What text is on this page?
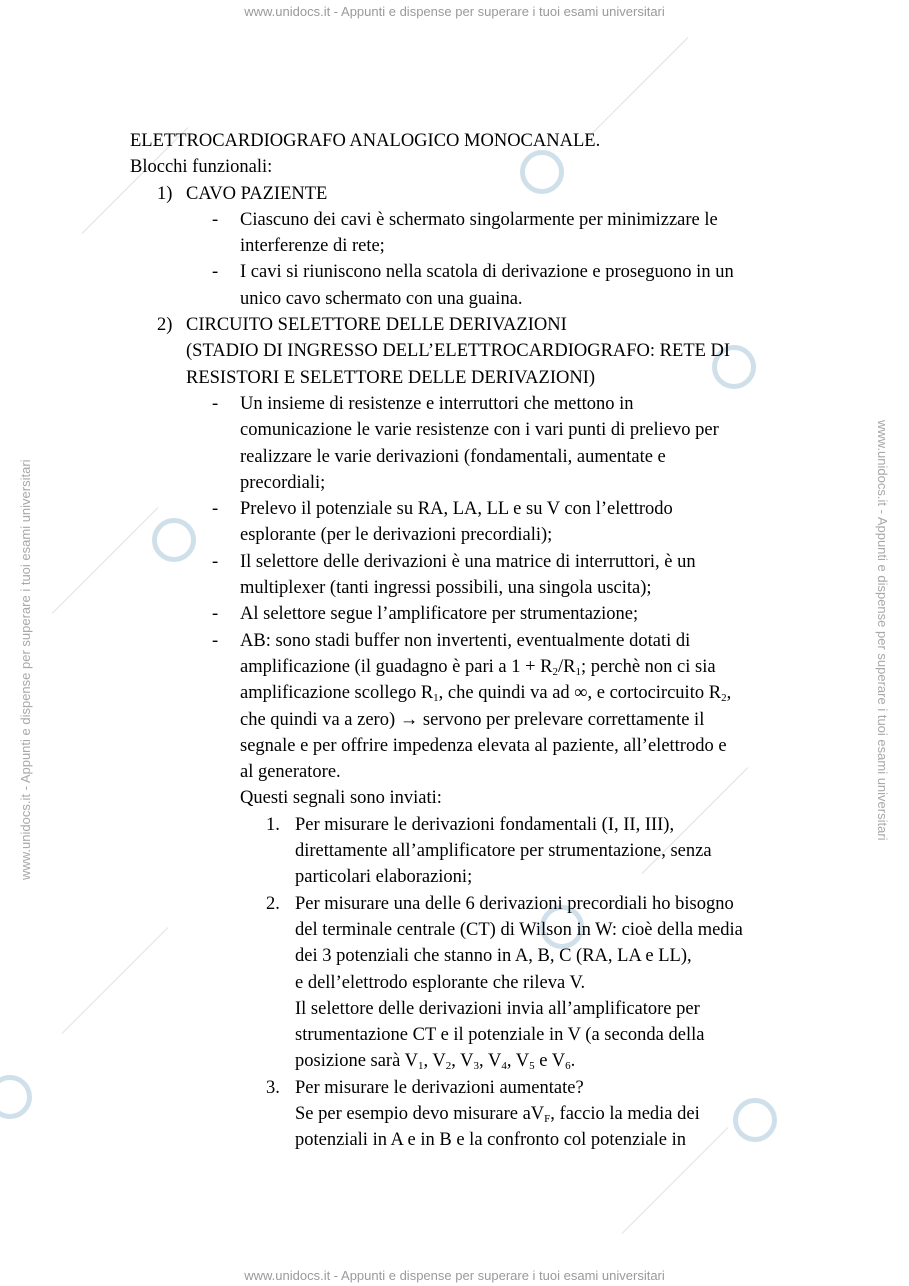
www.unidocs.it - Appunti e dispense per superare i tuoi esami universitari
www.unidocs.it - Appunti e dispense per superare i tuoi esami universitari
www.unidocs.it - Appunti e dispense per superare i tuoi esami universitari	www.unidocs.it - Appunti e dispense per superare i tuoi esami universitari
ELETTROCARDIOGRAFO ANALOGICO MONOCANALE.
Blocchi funzionali:
1) CAVO PAZIENTE
- Ciascuno dei cavi è schermato singolarmente per minimizzare le
interferenze di rete;
- I cavi si riuniscono nella scatola di derivazione e proseguono in un
unico cavo schermato con una guaina.
2) CIRCUITO SELETTORE DELLE DERIVAZIONI
(STADIO DI INGRESSO DELL’ELETTROCARDIOGRAFO: RETE DI
RESISTORI E SELETTORE DELLE DERIVAZIONI)
- Un insieme di resistenze e interruttori che mettono in
comunicazione le varie resistenze con i vari punti di prelievo per
realizzare le varie derivazioni (fondamentali, aumentate e
precordiali;
- Prelevo il potenziale su RA, LA, LL e su V con l’elettrodo
esplorante (per le derivazioni precordiali);
- Il selettore delle derivazioni è una matrice di interruttori, è un
multiplexer (tanti ingressi possibili, una singola uscita);
- Al selettore segue l’amplificatore per strumentazione;
- AB: sono stadi buffer non invertenti, eventualmente dotati di
amplificazione (il guadagno è pari a $1 + R_2/R_1$; perchè non ci sia
amplificazione scollego $R_1$, che quindi va ad ∞, e cortocircuito $R_2$,
che quindi va a zero) → servono per prelevare correttamente il
segnale e per offrire impedenza elevata al paziente, all’elettrodo e
al generatore.
Questi segnali sono inviati:
1. Per misurare le derivazioni fondamentali (I, II, III),
direttamente all’amplificatore per strumentazione, senza
particolari elaborazioni;
2. Per misurare una delle 6 derivazioni precordiali ho bisogno
del terminale centrale (CT) di Wilson in W: cioè della media
dei 3 potenziali che stanno in A, B, C (RA, LA e LL),
e dell’elettrodo esplorante che rileva V.
Il selettore delle derivazioni invia all’amplificatore per
strumentazione CT e il potenziale in V (a seconda della
posizione sarà $V_1$, $V_2$, $V_3$, $V_4$, $V_5$ e $V_6$.
3. Per misurare le derivazioni aumentate?
Se per esempio devo misurare $aV_F$, faccio la media dei
potenziali in A e in B e la confronto col potenziale in
